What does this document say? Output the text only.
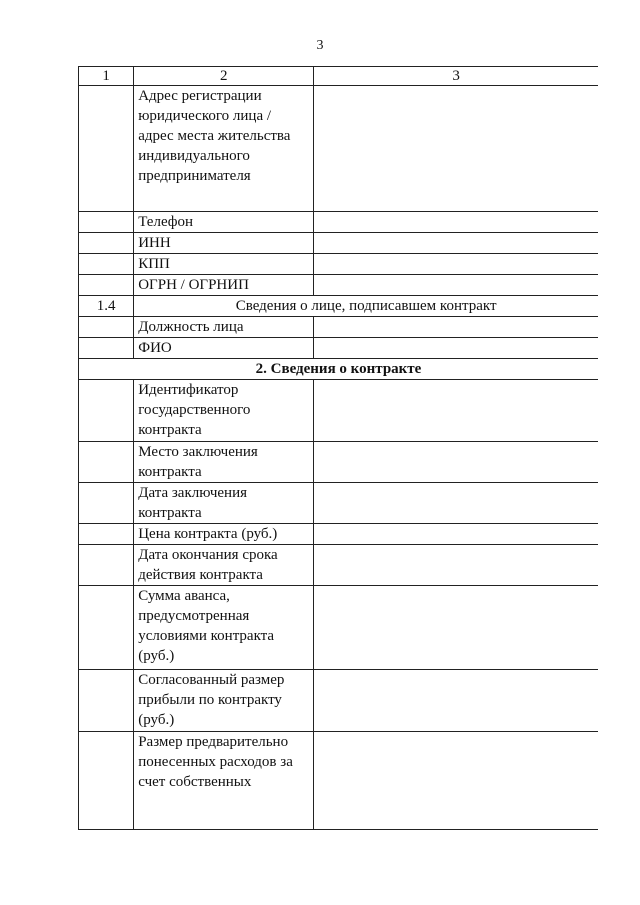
3
1	2	3
	Адрес регистрации юридического лица / адрес места жительства индивидуального предпринимателя	
	Телефон	
	ИНН	
	КПП	
	ОГРН / ОГРНИП	
1.4	Сведения о лице, подписавшем контракт	
	Должность лица	
	ФИО	
2. Сведения о контракте		
	Идентификатор государственного контракта	
	Место заключения контракта	
	Дата заключения контракта	
	Цена контракта (руб.)	
	Дата окончания срока действия контракта	
	Сумма аванса, предусмотренная условиями контракта (руб.)	
	Согласованный размер прибыли по контракту (руб.)	
	Размер предварительно понесенных расходов за счет собственных	
